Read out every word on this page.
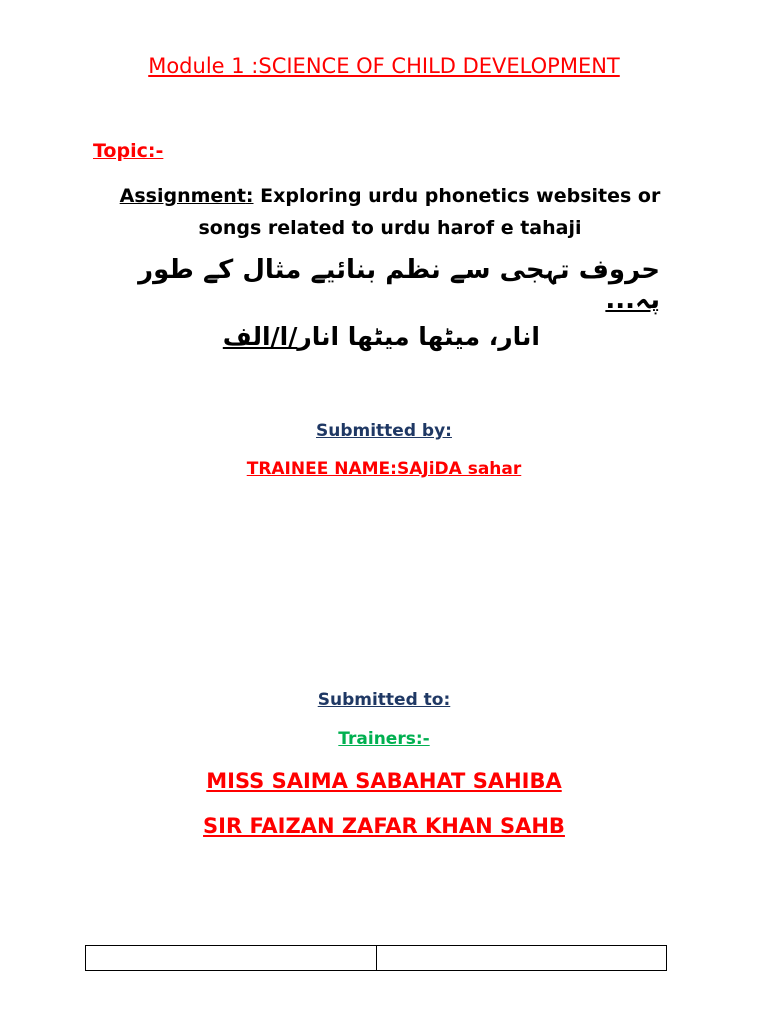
Module 1 :SCIENCE OF CHILD DEVELOPMENT
Topic:-
Assignment: Exploring urdu phonetics websites or songs related to urdu harof e tahaji
حروف تہجی سے نظم بنائیے مثال کے طور پہ...
انار، میٹھا میٹھا انار/ا/الف
Submitted by:
TRAINEE NAME:SAJiDA sahar
Submitted to:
Trainers:-
MISS SAIMA SABAHAT SAHIBA
SIR FAIZAN ZAFAR KHAN SAHB
